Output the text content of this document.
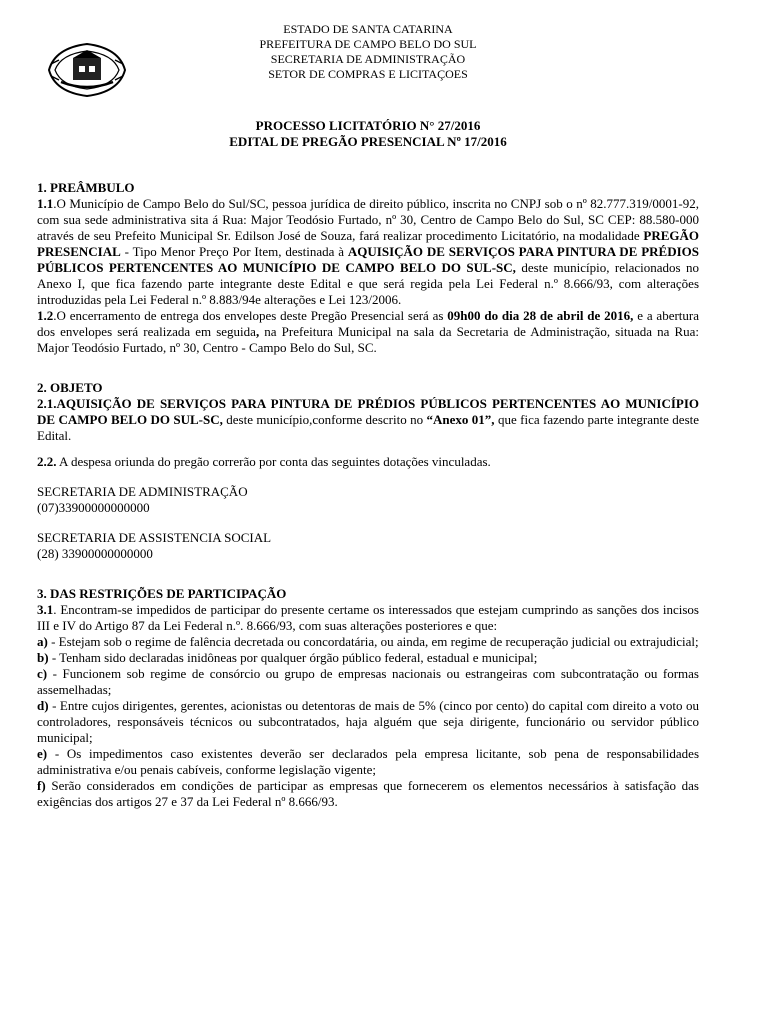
ESTADO DE SANTA CATARINA
PREFEITURA DE CAMPO BELO DO SUL
SECRETARIA DE ADMINISTRAÇÃO
SETOR DE COMPRAS E LICITAÇOES
PROCESSO LICITATÓRIO N° 27/2016
EDITAL DE PREGÃO PRESENCIAL Nº 17/2016
1. PREÂMBULO

1.1.O Município de Campo Belo do Sul/SC, pessoa jurídica de direito público, inscrita no CNPJ sob o nº 82.777.319/0001-92, com sua sede administrativa sita á Rua: Major Teodósio Furtado, nº 30, Centro de Campo Belo do Sul, SC CEP: 88.580-000 através de seu Prefeito Municipal Sr. Edilson José de Souza, fará realizar procedimento Licitatório, na modalidade PREGÃO PRESENCIAL - Tipo Menor Preço Por Item, destinada à AQUISIÇÃO DE SERVIÇOS PARA PINTURA DE PRÉDIOS PÚBLICOS PERTENCENTES AO MUNICÍPIO DE CAMPO BELO DO SUL-SC, deste município, relacionados no Anexo I, que fica fazendo parte integrante deste Edital e que será regida pela Lei Federal n.º 8.666/93, com alterações introduzidas pela Lei Federal n.º 8.883/94e alterações e Lei 123/2006.

1.2.O encerramento de entrega dos envelopes deste Pregão Presencial será as 09h00 do dia 28 de abril de 2016, e a abertura dos envelopes será realizada em seguida, na Prefeitura Municipal na sala da Secretaria de Administração, situada na Rua: Major Teodósio Furtado, nº 30, Centro - Campo Belo do Sul, SC.

2. OBJETO

2.1.AQUISIÇÃO DE SERVIÇOS PARA PINTURA DE PRÉDIOS PÚBLICOS PERTENCENTES AO MUNICÍPIO DE CAMPO BELO DO SUL-SC, deste município,conforme descrito no “Anexo 01”, que fica fazendo parte integrante deste Edital.

2.2. A despesa oriunda do pregão correrão por conta das seguintes dotações vinculadas.

SECRETARIA DE ADMINISTRAÇÃO

(07)33900000000000

SECRETARIA DE ASSISTENCIA SOCIAL

(28) 33900000000000

3. DAS RESTRIÇÕES DE PARTICIPAÇÃO

3.1. Encontram-se impedidos de participar do presente certame os interessados que estejam cumprindo as sanções dos incisos III e IV do Artigo 87 da Lei Federal n.º. 8.666/93, com suas alterações posteriores e que:

a) - Estejam sob o regime de falência decretada ou concordatária, ou ainda, em regime de recuperação judicial ou extrajudicial;

b) - Tenham sido declaradas inidôneas por qualquer órgão público federal, estadual e municipal;

c) - Funcionem sob regime de consórcio ou grupo de empresas nacionais ou estrangeiras com subcontratação ou formas assemelhadas;

d) - Entre cujos dirigentes, gerentes, acionistas ou detentoras de mais de 5% (cinco por cento) do capital com direito a voto ou controladores, responsáveis técnicos ou subcontratados, haja alguém que seja dirigente, funcionário ou servidor público municipal;

e) - Os impedimentos caso existentes deverão ser declarados pela empresa licitante, sob pena de responsabilidades administrativa e/ou penais cabíveis, conforme legislação vigente;

f) Serão considerados em condições de participar as empresas que fornecerem os elementos necessários à satisfação das exigências dos artigos 27 e 37 da Lei Federal nº 8.666/93.
